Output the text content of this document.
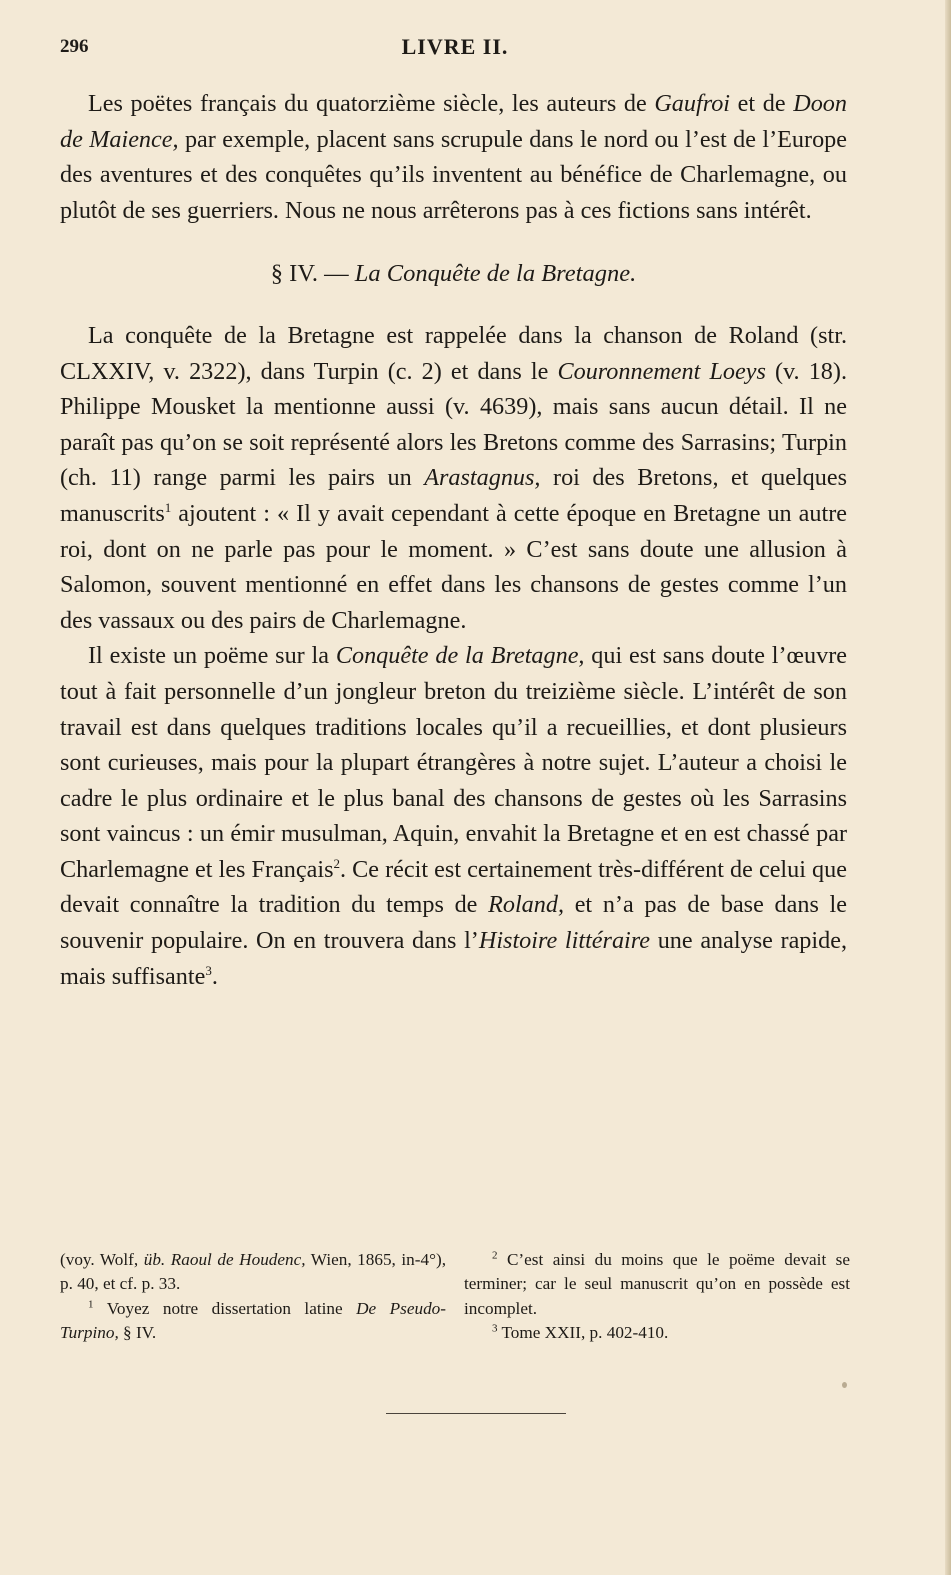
296	LIVRE II.

Les poëtes français du quatorzième siècle, les auteurs de Gaufroi et de Doon de Maience, par exemple, placent sans scrupule dans le nord ou l’est de l’Europe des aventures et des conquêtes qu’ils inventent au bénéfice de Charlemagne, ou plutôt de ses guerriers. Nous ne nous arrêterons pas à ces fictions sans intérêt.

§ IV. — La Conquête de la Bretagne.

La conquête de la Bretagne est rappelée dans la chanson de Roland (str. CLXXIV, v. 2322), dans Turpin (c. 2) et dans le Couronnement Loeys (v. 18). Philippe Mousket la mentionne aussi (v. 4639), mais sans aucun détail. Il ne paraît pas qu’on se soit représenté alors les Bretons comme des Sarrasins; Turpin (ch. 11) range parmi les pairs un Arastagnus, roi des Bretons, et quelques manuscrits$^1$ ajoutent : « Il y avait cependant à cette époque en Bretagne un autre roi, dont on ne parle pas pour le moment. » C’est sans doute une allusion à Salomon, souvent mentionné en effet dans les chansons de gestes comme l’un des vassaux ou des pairs de Charlemagne.

Il existe un poëme sur la Conquête de la Bretagne, qui est sans doute l’œuvre tout à fait personnelle d’un jongleur breton du treizième siècle. L’intérêt de son travail est dans quelques traditions locales qu’il a recueillies, et dont plusieurs sont curieuses, mais pour la plupart étrangères à notre sujet. L’auteur a choisi le cadre le plus ordinaire et le plus banal des chansons de gestes où les Sarrasins sont vaincus : un émir musulman, Aquin, envahit la Bretagne et en est chassé par Charlemagne et les Français$^2$. Ce récit est certainement très-différent de celui que devait connaître la tradition du temps de Roland, et n’a pas de base dans le souvenir populaire. On en trouvera dans l’Histoire littéraire une analyse rapide, mais suffisante$^3$.

(voy. Wolf, üb. Raoul de Houdenc, Wien, 1865, in-4°), p. 40, et cf. p. 33.

$^1$ Voyez notre dissertation latine De Pseudo-Turpino, § IV.

$^2$ C’est ainsi du moins que le poëme devait se terminer; car le seul manuscrit qu’on en possède est incomplet.

$^3$ Tome XXII, p. 402-410.
